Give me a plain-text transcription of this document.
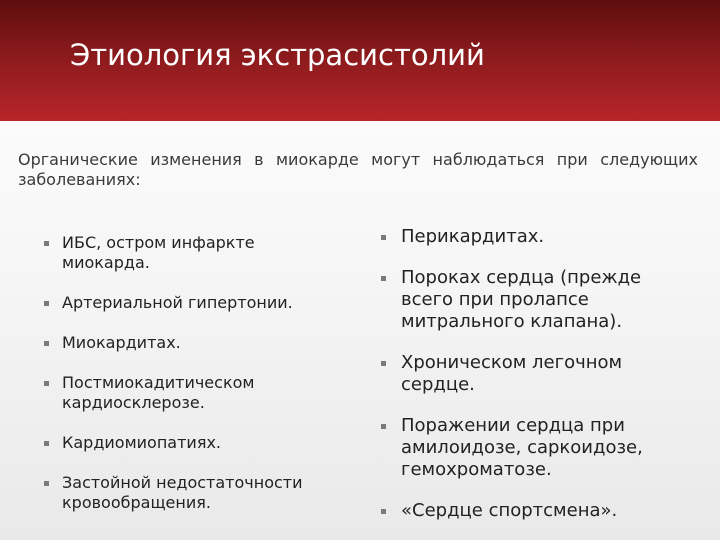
Этиология экстрасистолий
Органические изменения в миокарде могут наблюдаться при следующих заболеваниях:
ИБС, остром инфаркте миокарда.
Артериальной гипертонии.
Миокардитах.
Постмиокадитическом кардиосклерозе.
Кардиомиопатиях.
Застойной недостаточности кровообращения.
Перикардитах.
Пороках сердца (прежде всего при пролапсе митрального клапана).
Хроническом легочном сердце.
Поражении сердца при амилоидозе, саркоидозе, гемохроматозе.
«Сердце спортсмена».
